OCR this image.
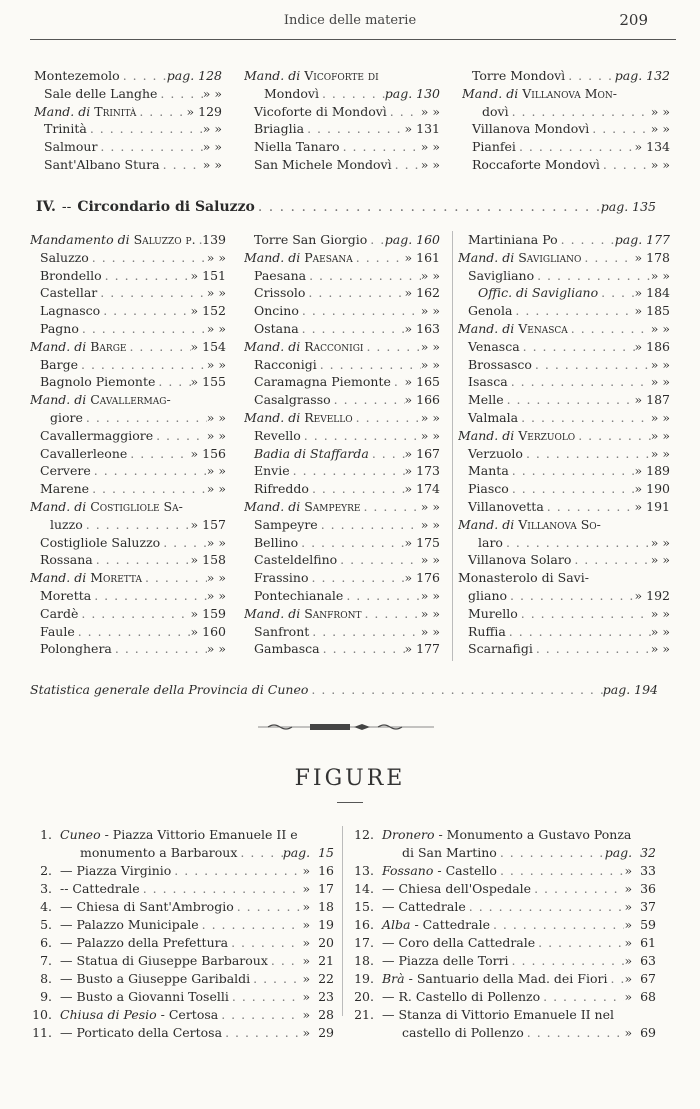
Indice delle materie	209
Montezemolo . . .	pag. 128
Sale delle Langhe . . .	» »
Mand. di Trinità . . .	» 129
Trinità . . .	» »
Salmour . . .	» »
Sant'Albano Stura . . .	» »
Mand. di Vicoforte di
Mondovì . . .	pag. 130
Vicoforte di Mondovì . . .	» »
Briaglia . . .	» 131
Niella Tanaro . . .	» »
San Michele Mondovì . . . » »
Torre Mondovì . . .	pag. 132
Mand. di Villanova Mon-
dovì . . .	» »
Villanova Mondovì . . .	» »
Pianfei . . .	» 134
Roccaforte Mondovì . . .	» »
IV. -- Circondario di Saluzzo . . .	pag. 135
Mandamento di Saluzzo p. . . . 139
Saluzzo . . .	» »
Brondello . . .	» 151
Castellar . . .	» »
Lagnasco . . .	» 152
Pagno . . .	» »
Mand. di Barge . . .	» 154
Barge . . .	» »
Bagnolo Piemonte . . .	» 155
Mand. di Cavallermag-
giore . . .	» »
Cavallermaggiore . . .	» »
Cavallerleone . . .	» 156
Cervere . . .	» »
Marene . . .	» »
Mand. di Costigliole Sa-
luzzo . . .	» 157
Costigliole Saluzzo . . .	» »
Rossana . . .	» 158
Mand. di Moretta . . .	» »
Moretta . . .	» »
Cardè . . .	» 159
Faule . . .	» 160
Polonghera . . .	» »
Torre San Giorgio . . . pag. 160
Mand. di Paesana . . .	» 161
Paesana . . .	» »
Crissolo . . .	» 162
Oncino . . .	» »
Ostana . . .	» 163
Mand. di Racconigi . . .	» »
Racconigi . . .	» »
Caramagna Piemonte . . . » 165
Casalgrasso . . .	» 166
Mand. di Revello . . .	» »
Revello . . .	» »
Badia di Staffarda . . .	» 167
Envie . . .	» 173
Rifreddo . . .	» 174
Mand. di Sampeyre . . .	» »
Sampeyre . . .	» »
Bellino . . .	» 175
Casteldelfino . . .	» »
Frassino . . .	» 176
Pontechianale . . .	» »
Mand. di Sanfront . . .	» »
Sanfront . . .	» »
Gambasca . . .	» 177
Martiniana Po . . .	pag. 177
Mand. di Savigliano . . .	» 178
Savigliano . . .	» »
Offic. di Savigliano . . .	» 184
Genola . . .	» 185
Mand. di Venasca . . .	» »
Venasca . . .	» 186
Brossasco . . .	» »
Isasca . . .	» »
Melle . . .	» 187
Valmala . . .	» »
Mand. di Verzuolo . . .	» »
Verzuolo . . .	» »
Manta . . .	» 189
Piasco . . .	» 190
Villanovetta . . .	» 191
Mand. di Villanova So-
laro . . .	» »
Villanova Solaro . . .	» »
Monasterolo di Savi-
gliano . . .	» 192
Murello . . .	» »
Ruffia . . .	» »
Scarnafigi . . .	» »
Statistica generale della Provincia di Cuneo . . .	pag. 194
FIGURE
1. Cuneo - Piazza Vittorio Emanuele II e
monumento a Barbaroux . . .	pag.  15
2. — Piazza Virginio . . .	»  16
3. -- Cattedrale . . .	»  17
4. — Chiesa di Sant'Ambrogio . . .	»  18
5. — Palazzo Municipale . . .	»  19
6. — Palazzo della Prefettura . . .	»  20
7. — Statua di Giuseppe Barbaroux . . .	»  21
8. — Busto a Giuseppe Garibaldi . . .	»  22
9. — Busto a Giovanni Toselli . . .	»  23
10. Chiusa di Pesio - Certosa . . .	»  28
11. — Porticato della Certosa . . .	»  29
12. Dronero - Monumento a Gustavo Ponza
di San Martino . . .	pag.  32
13. Fossano - Castello . . .	»  33
14. — Chiesa dell'Ospedale . . .	»  36
15. — Cattedrale . . .	»  37
16. Alba - Cattedrale . . .	»  59
17. — Coro della Cattedrale . . .	»  61
18. — Piazza delle Torri . . .	»  63
19. Brà - Santuario della Mad. dei Fiori . . . »  67
20. — R. Castello di Pollenzo . . .	»  68
21. — Stanza di Vittorio Emanuele II nel
castello di Pollenzo . . .	»  69
